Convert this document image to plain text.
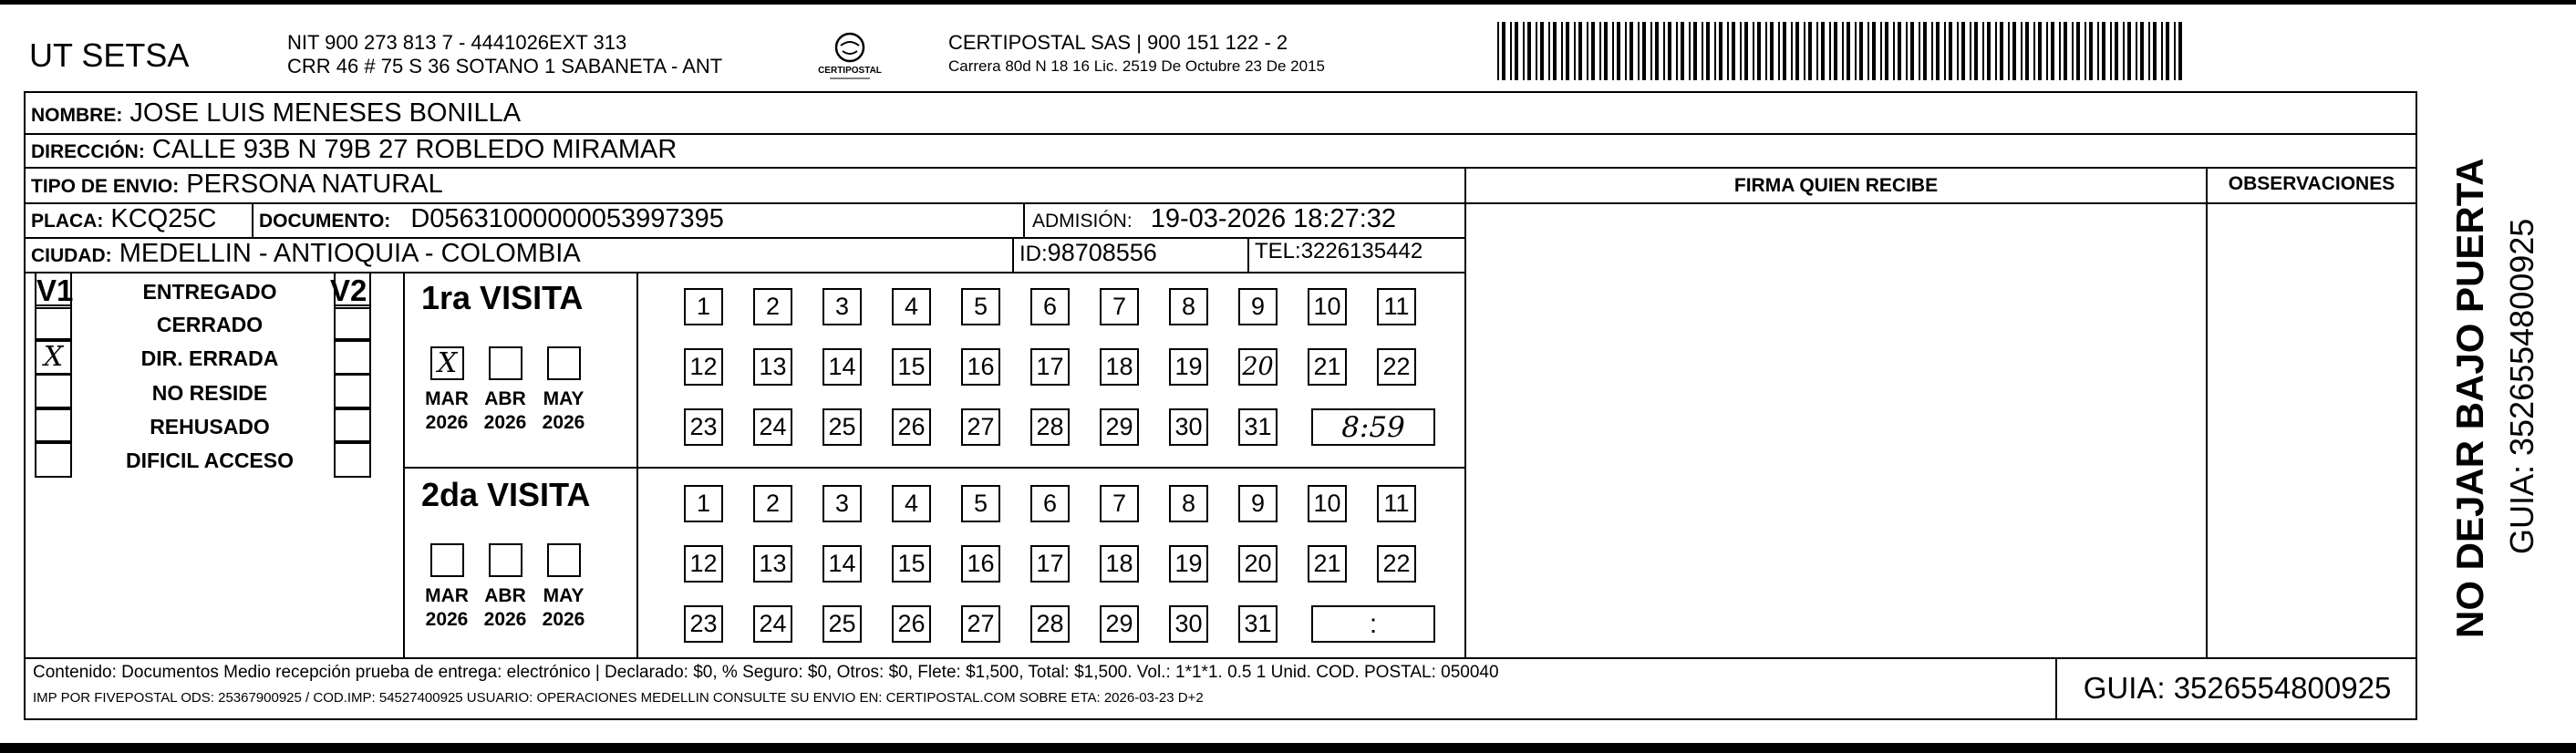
UT SETSA	NIT 900 273 813 7 - 4441026EXT 313
CRR 46 # 75 S 36 SOTANO 1 SABANETA - ANT	CERTIPOSTAL
CERTIPOSTAL SAS | 900 151 122 - 2
Carrera 80d N 18 16 Lic. 2519 De Octubre 23 De 2015
NOMBRE: JOSE LUIS MENESES BONILLA
DIRECCIÓN: CALLE 93B N 79B 27 ROBLEDO MIRAMAR
TIPO DE ENVIO: PERSONA NATURAL	FIRMA QUIEN RECIBE	OBSERVACIONES
PLACA: KCQ25C DOCUMENTO: D05631000000053997395	ADMISIÓN: 19-03-2026 18:27:32
CIUDAD: MEDELLIN - ANTIOQUIA - COLOMBIA	ID:98708556	TEL:3226135442
V1	V2
ENTREGADO
CERRADO
X	DIR. ERRADA
NO RESIDE
REHUSADO
DIFICIL ACCESO
1ra VISITA
X
MAR
2026
ABR
2026
MAY
2026
1 2 3 4 5 6 7 8 9 10 11
12 13 14 15 16 17 18 19 20 21 22
23 24 25 26 27 28 29 30 31	8:59
2da VISITA
MAR
2026
ABR
2026
MAY
2026
1 2 3 4 5 6 7 8 9 10 11
12 13 14 15 16 17 18 19 20 21 22
23 24 25 26 27 28 29 30 31	:
Contenido: Documentos Medio recepción prueba de entrega: electrónico | Declarado: $0, % Seguro: $0, Otros: $0, Flete: $1,500, Total: $1,500. Vol.: 1*1*1. 0.5 1 Unid. COD. POSTAL: 050040
IMP POR FIVEPOSTAL ODS: 25367900925 / COD.IMP: 54527400925 USUARIO: OPERACIONES MEDELLIN CONSULTE SU ENVIO EN: CERTIPOSTAL.COM SOBRE ETA: 2026-03-23 D+2	GUIA: 3526554800925
NO DEJAR BAJO PUERTA GUIA: 3526554800925
